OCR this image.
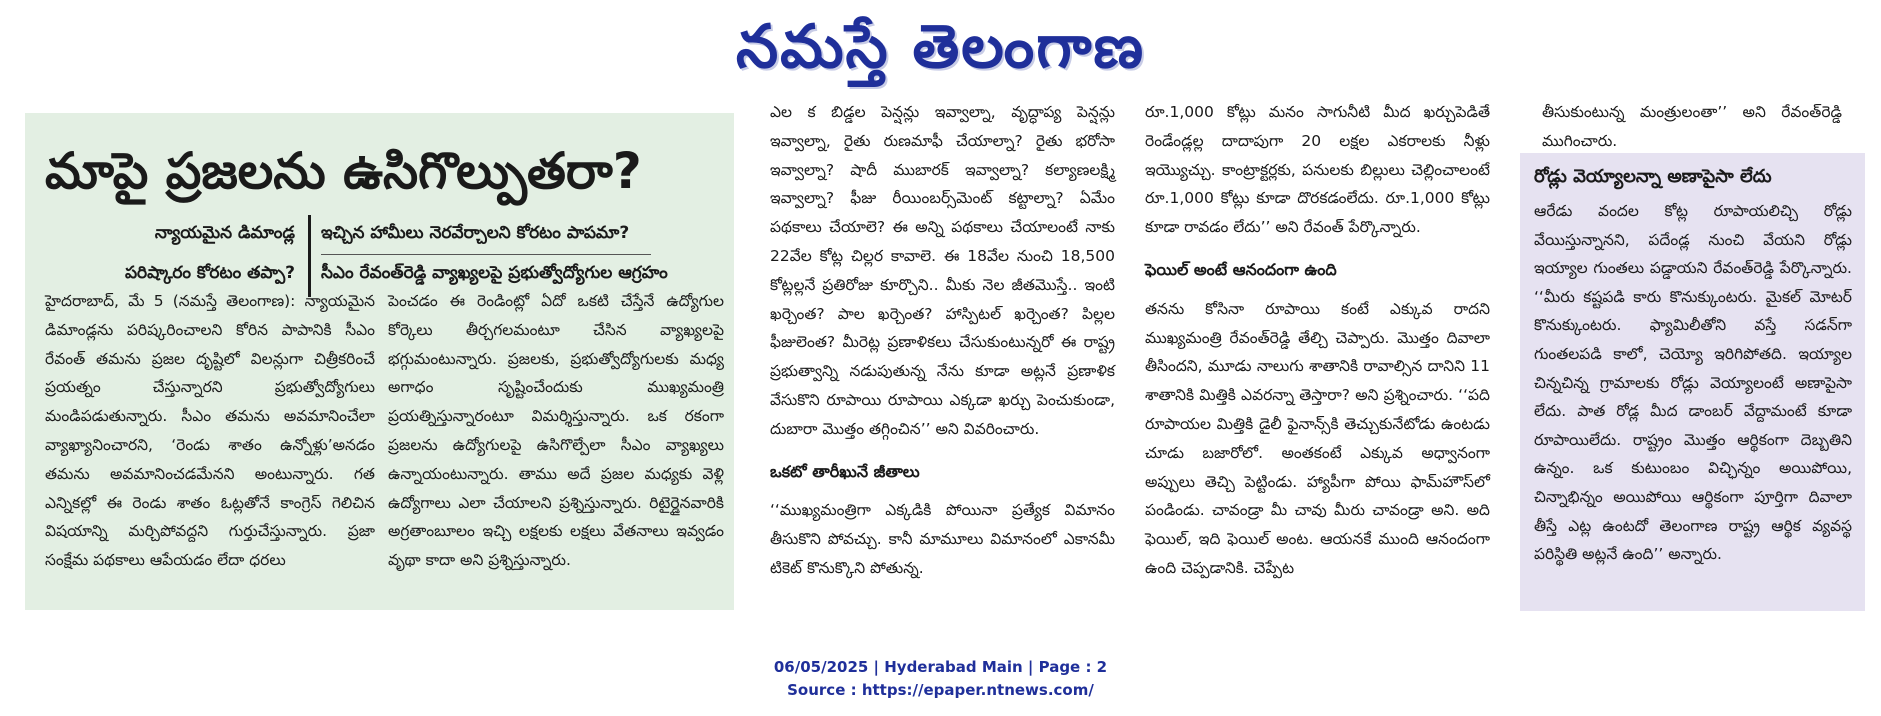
నమస్తే తెలంగాణ
మాపై ప్రజలను ఉసిగొల్పుతరా?
న్యాయమైన డిమాండ్ల
పరిష్కారం కోరటం తప్పా?
ఇచ్చిన హామీలు నెరవేర్చాలని కోరటం పాపమా?
సీఎం రేవంత్‌రెడ్డి వ్యాఖ్యలపై ప్రభుత్వోద్యోగుల ఆగ్రహం

హైదరాబాద్‌, మే 5 (నమస్తే తెలంగాణ): న్యాయమైన డిమాండ్లను పరిష్కరించాలని కోరిన పాపానికి సీఎం రేవంత్‌ తమను ప్రజల దృష్టిలో విలన్లుగా చిత్రీకరించే ప్రయత్నం చేస్తున్నారని ప్రభుత్వోద్యోగులు మండిపడుతున్నారు. సీఎం తమను అవమానించేలా వ్యాఖ్యానించారని, ‘రెండు శాతం ఉన్నోళ్లు’అనడం తమను అవమానించడమేనని అంటున్నారు. గత ఎన్నికల్లో ఈ రెండు శాతం ఓట్లతోనే కాంగ్రెస్‌ గెలిచిన విషయాన్ని మర్చిపోవద్దని గుర్తుచేస్తున్నారు. ప్రజా సంక్షేమ పథకాలు ఆపేయడం లేదా ధరలు

పెంచడం ఈ రెండింట్లో ఏదో ఒకటి చేస్తేనే ఉద్యోగుల కోర్కెలు తీర్చగలమంటూ చేసిన వ్యాఖ్యలపై భగ్గుమంటున్నారు. ప్రజలకు, ప్రభుత్వోద్యోగులకు మధ్య అగాధం సృష్టించేందుకు ముఖ్యమంత్రి ప్రయత్నిస్తున్నారంటూ విమర్శిస్తున్నారు. ఒక రకంగా ప్రజలను ఉద్యోగులపై ఉసిగొల్పేలా సీఎం వ్యాఖ్యలు ఉన్నాయంటున్నారు. తాము అదే ప్రజల మధ్యకు వెళ్లి ఉద్యోగాలు ఎలా చేయాలని ప్రశ్నిస్తున్నారు. రిటైర్డైనవారికి అగ్రతాంబూలం ఇచ్చి లక్షలకు లక్షలు వేతనాలు ఇవ్వడం వృథా కాదా అని ప్రశ్నిస్తున్నారు.

ఎల క బిడ్డల పెన్షన్లు ఇవ్వాల్నా, వృద్ధాప్య పెన్షన్లు ఇవ్వాల్నా, రైతు రుణమాఫీ చేయాల్నా? రైతు భరోసా ఇవ్వాల్నా? షాదీ ముబారక్‌ ఇవ్వాల్నా? కల్యాణలక్ష్మి ఇవ్వాల్నా? ఫీజు రీయింబర్స్‌మెంట్‌ కట్టాల్నా? ఏమేం పథకాలు చేయాలె? ఈ అన్ని పథకాలు చేయాలంటే నాకు 22వేల కోట్ల చిల్లర కావాలె. ఈ 18వేల నుంచి 18,500 కోట్లల్లనే ప్రతిరోజు కూర్చొని.. మీకు నెల జీతమొస్తే.. ఇంటి ఖర్చెంత? పాల ఖర్చెంత? హాస్పిటల్‌ ఖర్చెంత? పిల్లల ఫీజులెంత? మీరెట్ల ప్రణాళికలు చేసుకుంటున్నరో ఈ రాష్ట్ర ప్రభుత్వాన్ని నడుపుతున్న నేను కూడా అట్లనే ప్రణాళిక వేసుకొని రూపాయి రూపాయి ఎక్కడా ఖర్చు పెంచుకుండా, దుబారా మొత్తం తగ్గించిన’’ అని వివరించారు.

ఒకటో తారీఖునే జీతాలు

‘‘ముఖ్యమంత్రిగా ఎక్కడికి పోయినా ప్రత్యేక విమానం తీసుకొని పోవచ్చు. కానీ మామూలు విమానంలో ఎకానమీ టికెట్‌ కొనుక్కొని పోతున్న.

రూ.1,000 కోట్లు మనం సాగునీటి మీద ఖర్చుపెడితే రెండేండ్లల్ల దాదాపుగా 20 లక్షల ఎకరాలకు నీళ్లు ఇయ్యొచ్చు. కాంట్రాక్టర్లకు, పనులకు బిల్లులు చెల్లించాలంటే రూ.1,000 కోట్లు కూడా దొరకడంలేదు. రూ.1,000 కోట్లు కూడా రావడం లేదు’’ అని రేవంత్‌ పేర్కొన్నారు.

ఫెయిల్‌ అంటే ఆనందంగా ఉంది

తనను కోసినా రూపాయి కంటే ఎక్కువ రాదని ముఖ్యమంత్రి రేవంత్‌రెడ్డి తేల్చి చెప్పారు. మొత్తం దివాలా తీసిందని, మూడు నాలుగు శాతానికి రావాల్సిన దానిని 11 శాతానికి మిత్తికి ఎవరన్నా తెస్తారా? అని ప్రశ్నించారు. ‘‘పది రూపాయల మిత్తికి డైలీ ఫైనాన్స్‌కి తెచ్చుకునేటోడు ఉంటడు చూడు బజారోలో. అంతకంటే ఎక్కువ అధ్వానంగా అప్పులు తెచ్చి పెట్టిండు. హ్యాపీగా పోయి ఫామ్‌హౌస్‌లో పండిండు. చావండ్రా మీ చావు మీరు చావండ్రా అని. అది ఫెయిల్‌, ఇది ఫెయిల్‌ అంట. ఆయనకే ముంది ఆనందంగా ఉంది చెప్పడానికి. చెప్పేట

తీసుకుంటున్న మంత్రులంతా’’ అని రేవంత్‌రెడ్డి ముగించారు.

రోడ్లు వెయ్యాలన్నా అణాపైసా లేదు
ఆరేడు వందల కోట్ల రూపాయలిచ్చి రోడ్లు వేయిస్తున్నానని, పదేండ్ల నుంచి వేయని రోడ్లు ఇయ్యాల గుంతలు పడ్డాయని రేవంత్‌రెడ్డి పేర్కొన్నారు. ‘‘మీరు కష్టపడి కారు కొనుక్కుంటరు. మైకల్‌ మోటర్‌ కొనుక్కుంటరు. ఫ్యామిలీతోని వస్తే సడన్‌గా గుంతలపడి కాలో, చెయ్యో ఇరిగిపోతది. ఇయ్యాల చిన్నచిన్న గ్రామాలకు రోడ్లు వెయ్యాలంటే అణాపైసా లేదు. పాత రోడ్ల మీద డాంబర్‌ వేద్దామంటే కూడా రూపాయిలేదు. రాష్ట్రం మొత్తం ఆర్థికంగా దెబ్బతిని ఉన్నం. ఒక కుటుంబం విచ్ఛిన్నం అయిపోయి, చిన్నాభిన్నం అయిపోయి ఆర్థికంగా పూర్తిగా దివాలా తీస్తే ఎట్ల ఉంటదో తెలంగాణ రాష్ట్ర ఆర్థిక వ్యవస్థ పరిస్థితి అట్లనే ఉంది’’ అన్నారు.
06/05/2025 | Hyderabad Main | Page : 2
Source : https://epaper.ntnews.com/
